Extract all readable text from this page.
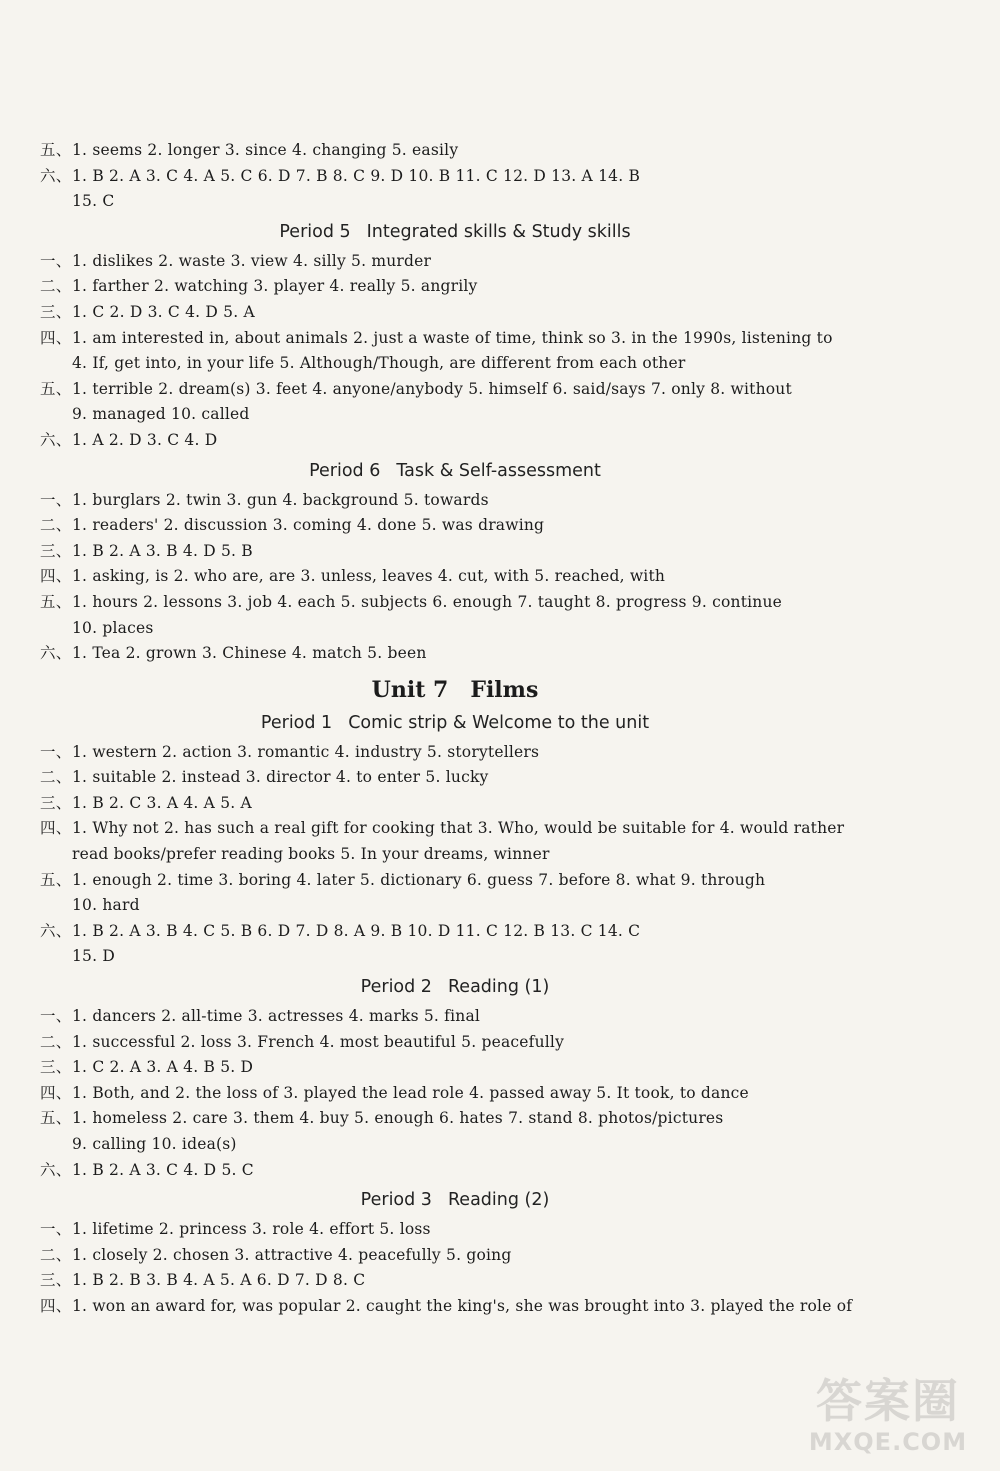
五、1. seems 2. longer 3. since 4. changing 5. easily
六、1. B 2. A 3. C 4. A 5. C 6. D 7. B 8. C 9. D 10. B 11. C 12. D 13. A 14. B
15. C
Period 5 Integrated skills & Study skills
一、1. dislikes 2. waste 3. view 4. silly 5. murder
二、1. farther 2. watching 3. player 4. really 5. angrily
三、1. C 2. D 3. C 4. D 5. A
四、1. am interested in, about animals 2. just a waste of time, think so 3. in the 1990s, listening to
4. If, get into, in your life 5. Although/Though, are different from each other
五、1. terrible 2. dream(s) 3. feet 4. anyone/anybody 5. himself 6. said/says 7. only 8. without
9. managed 10. called
六、1. A 2. D 3. C 4. D
Period 6 Task & Self-assessment
一、1. burglars 2. twin 3. gun 4. background 5. towards
二、1. readers' 2. discussion 3. coming 4. done 5. was drawing
三、1. B 2. A 3. B 4. D 5. B
四、1. asking, is 2. who are, are 3. unless, leaves 4. cut, with 5. reached, with
五、1. hours 2. lessons 3. job 4. each 5. subjects 6. enough 7. taught 8. progress 9. continue
10. places
六、1. Tea 2. grown 3. Chinese 4. match 5. been
Unit 7 Films
Period 1 Comic strip & Welcome to the unit
一、1. western 2. action 3. romantic 4. industry 5. storytellers
二、1. suitable 2. instead 3. director 4. to enter 5. lucky
三、1. B 2. C 3. A 4. A 5. A
四、1. Why not 2. has such a real gift for cooking that 3. Who, would be suitable for 4. would rather
read books/prefer reading books 5. In your dreams, winner
五、1. enough 2. time 3. boring 4. later 5. dictionary 6. guess 7. before 8. what 9. through
10. hard
六、1. B 2. A 3. B 4. C 5. B 6. D 7. D 8. A 9. B 10. D 11. C 12. B 13. C 14. C
15. D
Period 2 Reading (1)
一、1. dancers 2. all-time 3. actresses 4. marks 5. final
二、1. successful 2. loss 3. French 4. most beautiful 5. peacefully
三、1. C 2. A 3. A 4. B 5. D
四、1. Both, and 2. the loss of 3. played the lead role 4. passed away 5. It took, to dance
五、1. homeless 2. care 3. them 4. buy 5. enough 6. hates 7. stand 8. photos/pictures
9. calling 10. idea(s)
六、1. B 2. A 3. C 4. D 5. C
Period 3 Reading (2)
一、1. lifetime 2. princess 3. role 4. effort 5. loss
二、1. closely 2. chosen 3. attractive 4. peacefully 5. going
三、1. B 2. B 3. B 4. A 5. A 6. D 7. D 8. C
四、1. won an award for, was popular 2. caught the king's, she was brought into 3. played the role of
答案圈
MXQE.COM
